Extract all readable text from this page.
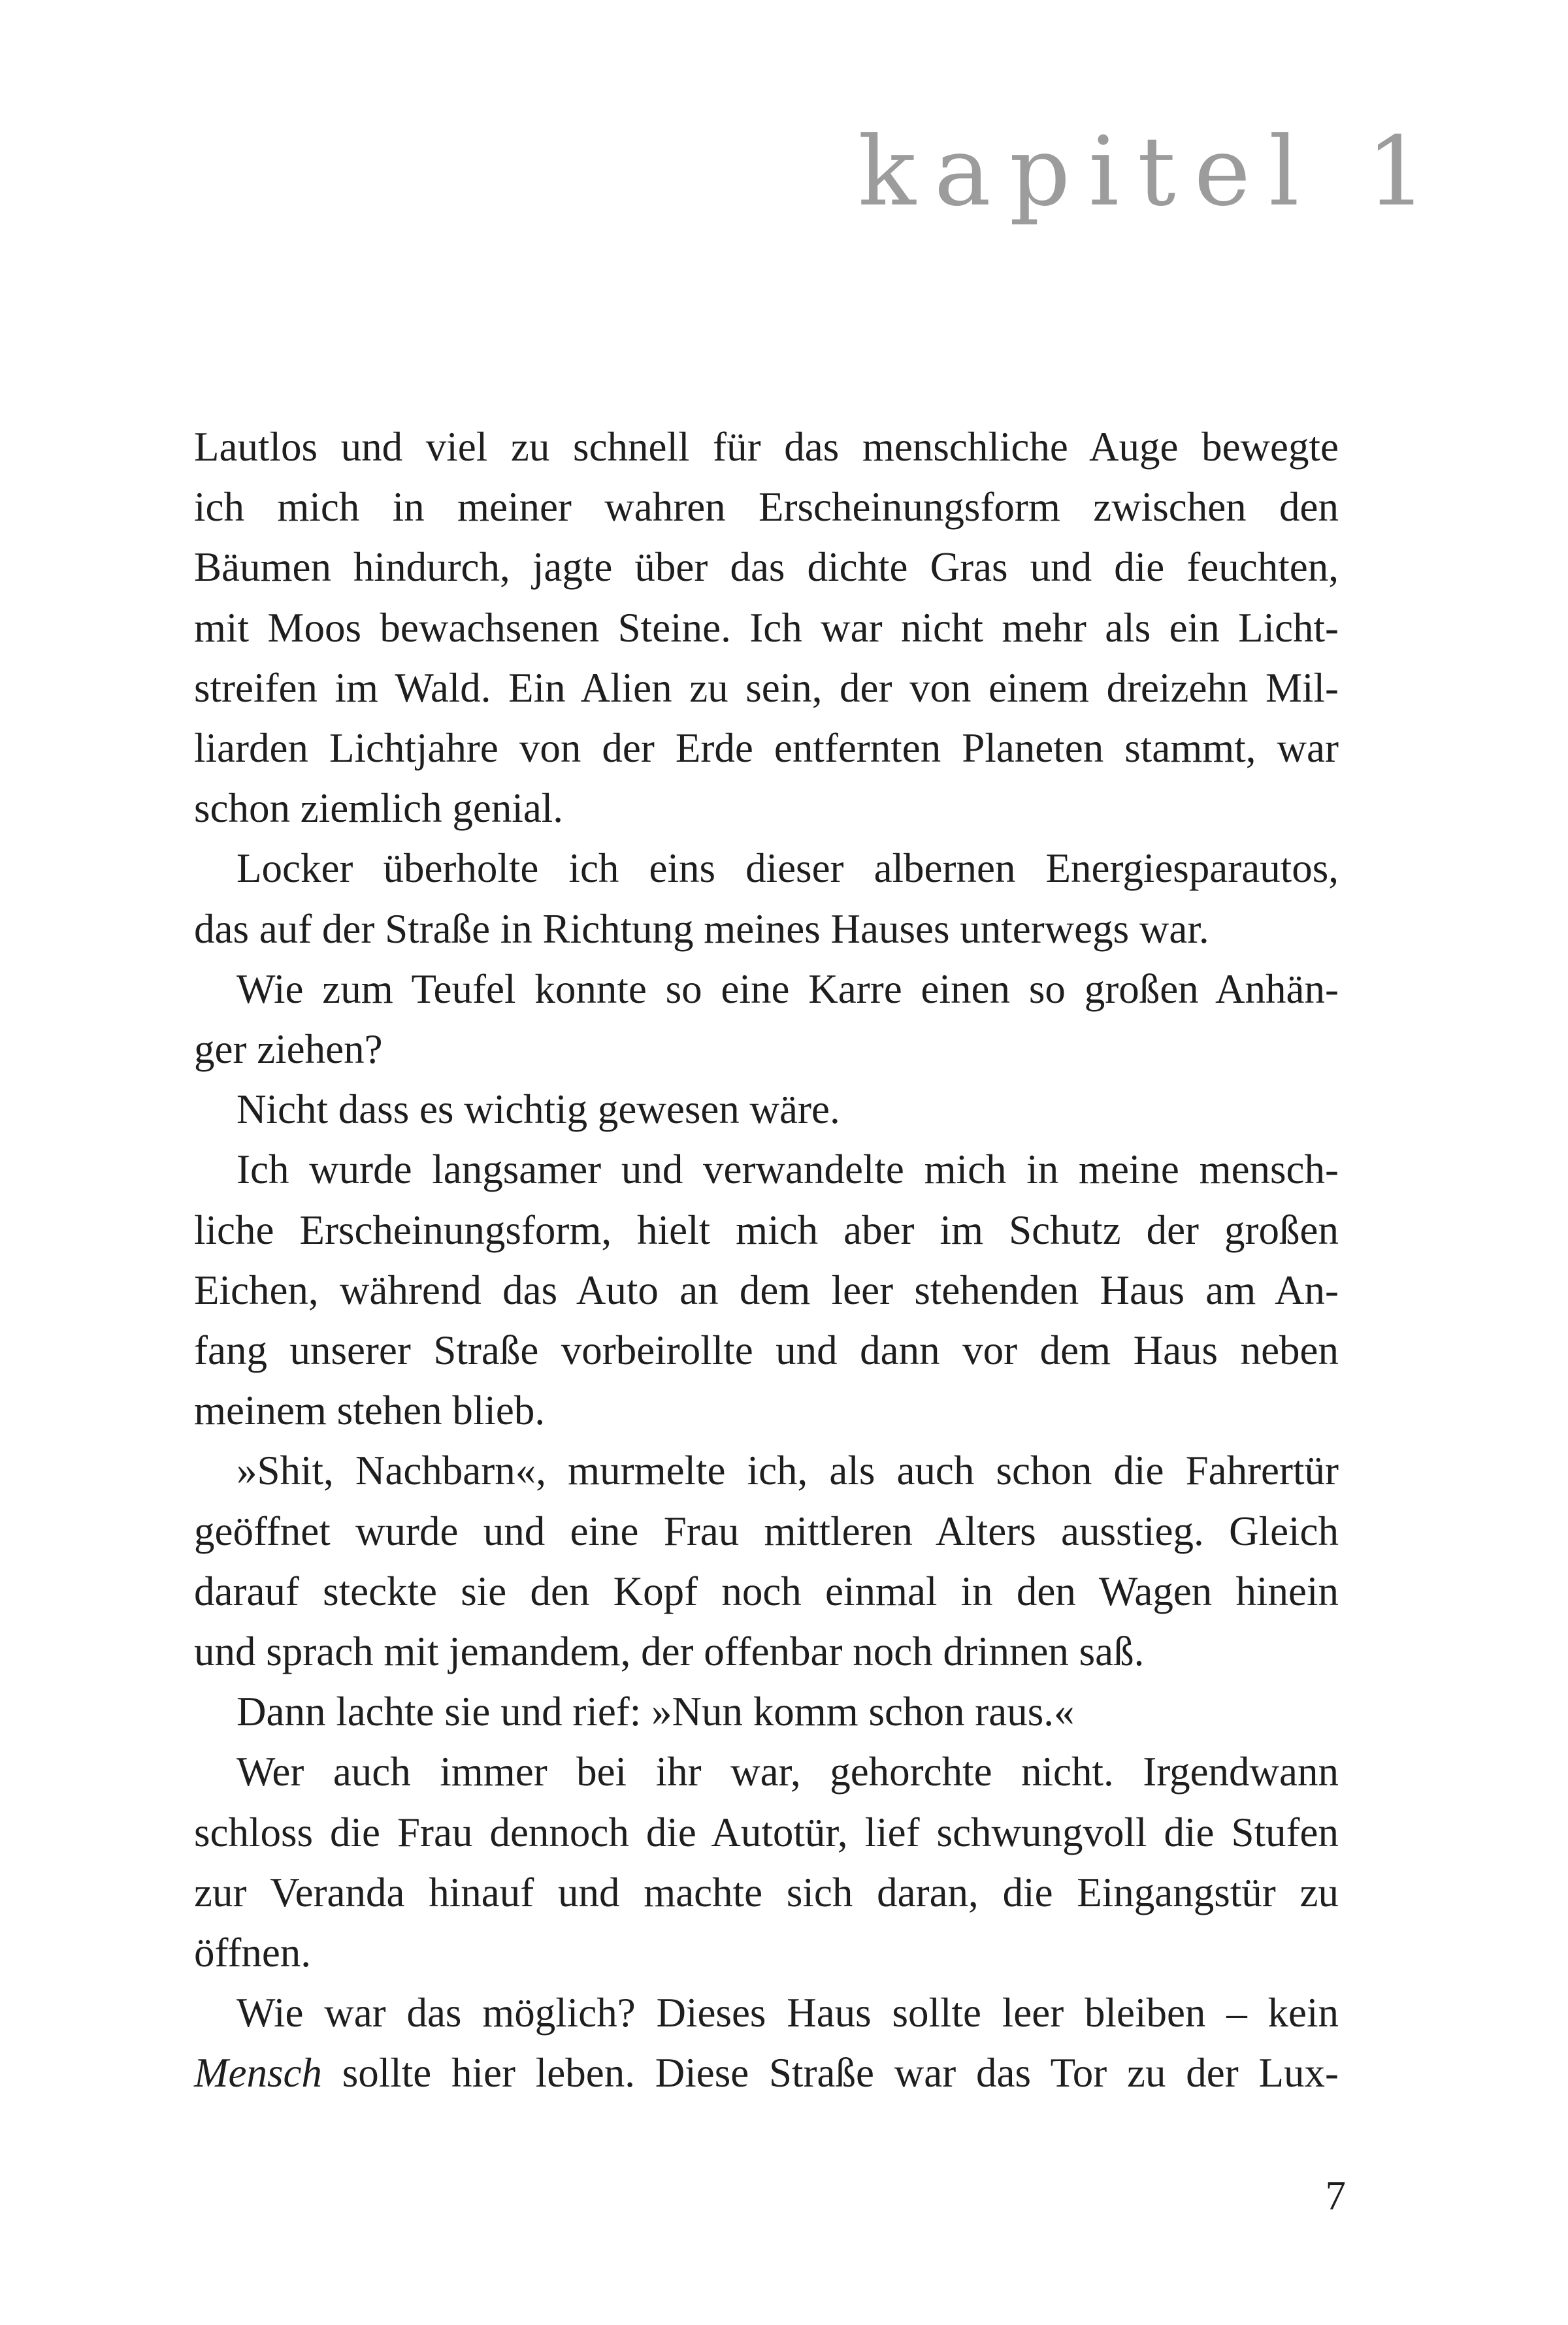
kapitel 1
Lautlos und viel zu schnell für das menschliche Auge bewegte
ich mich in meiner wahren Erscheinungsform zwischen den
Bäumen hindurch, jagte über das dichte Gras und die feuchten,
mit Moos bewachsenen Steine. Ich war nicht mehr als ein Licht-
streifen im Wald. Ein Alien zu sein, der von einem dreizehn Mil-
liarden Lichtjahre von der Erde entfernten Planeten stammt, war
schon ziemlich genial.
Locker überholte ich eins dieser albernen Energiesparautos,
das auf der Straße in Richtung meines Hauses unterwegs war.
Wie zum Teufel konnte so eine Karre einen so großen Anhän-
ger ziehen?
Nicht dass es wichtig gewesen wäre.
Ich wurde langsamer und verwandelte mich in meine mensch-
liche Erscheinungsform, hielt mich aber im Schutz der großen
Eichen, während das Auto an dem leer stehenden Haus am An-
fang unserer Straße vorbeirollte und dann vor dem Haus neben
meinem stehen blieb.
»Shit, Nachbarn«, murmelte ich, als auch schon die Fahrertür
geöffnet wurde und eine Frau mittleren Alters ausstieg. Gleich
darauf steckte sie den Kopf noch einmal in den Wagen hinein
und sprach mit jemandem, der offenbar noch drinnen saß.
Dann lachte sie und rief: »Nun komm schon raus.«
Wer auch immer bei ihr war, gehorchte nicht. Irgendwann
schloss die Frau dennoch die Autotür, lief schwungvoll die Stufen
zur Veranda hinauf und machte sich daran, die Eingangstür zu
öffnen.
Wie war das möglich? Dieses Haus sollte leer bleiben – kein
Mensch sollte hier leben. Diese Straße war das Tor zu der Lux-
7
